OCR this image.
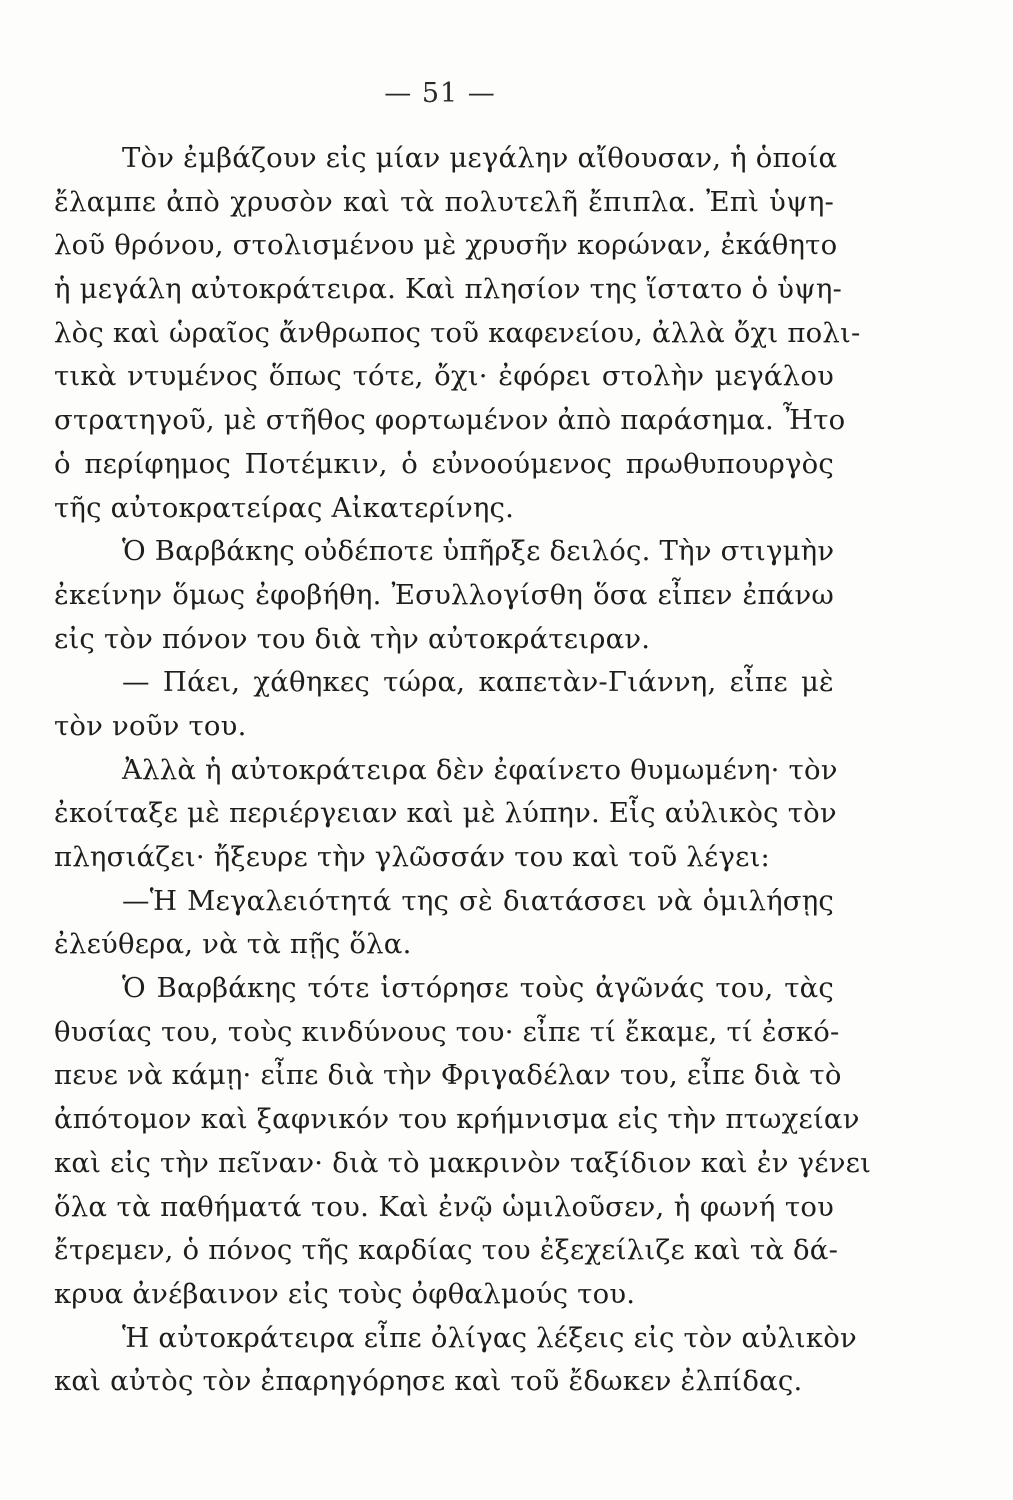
— 51 —
Τὸν ἐμβάζουν εἰς μίαν μεγάλην αἴθουσαν, ἡ ὁποία
ἔλαμπε ἀπὸ χρυσὸν καὶ τὰ πολυτελῆ ἔπιπλα. Ἐπὶ ὑψη-
λοῦ θρόνου, στολισμένου μὲ χρυσῆν κορώναν, ἐκάθητο
ἡ μεγάλη αὐτοκράτειρα. Καὶ πλησίον της ἵστατο ὁ ὑψη-
λὸς καὶ ὡραῖος ἄνθρωπος τοῦ καφενείου, ἀλλὰ ὄχι πολι-
τικὰ ντυμένος ὅπως τότε, ὄχι· ἐφόρει στολὴν μεγάλου
στρατηγοῦ, μὲ στῆθος φορτωμένον ἀπὸ παράσημα. Ἦτο
ὁ περίφημος Ποτέμκιν, ὁ εὐνοούμενος πρωθυπουργὸς
τῆς αὐτοκρατείρας Αἰκατερίνης.
Ὁ Βαρβάκης οὐδέποτε ὑπῆρξε δειλός. Τὴν στιγμὴν
ἐκείνην ὅμως ἐφοβήθη. Ἐσυλλογίσθη ὅσα εἶπεν ἐπάνω
εἰς τὸν πόνον του διὰ τὴν αὐτοκράτειραν.
— Πάει, χάθηκες τώρα, καπετὰν-Γιάννη, εἶπε μὲ
τὸν νοῦν του.
Ἀλλὰ ἡ αὐτοκράτειρα δὲν ἐφαίνετο θυμωμένη· τὸν
ἐκοίταξε μὲ περιέργειαν καὶ μὲ λύπην. Εἷς αὐλικὸς τὸν
πλησιάζει· ἤξευρε τὴν γλῶσσάν του καὶ τοῦ λέγει:
—Ἡ Μεγαλειότητά της σὲ διατάσσει νὰ ὁμιλήσῃς
ἐλεύθερα, νὰ τὰ πῇς ὅλα.
Ὁ Βαρβάκης τότε ἱστόρησε τοὺς ἀγῶνάς του, τὰς
θυσίας του, τοὺς κινδύνους του· εἶπε τί ἔκαμε, τί ἐσκό-
πευε νὰ κάμῃ· εἶπε διὰ τὴν Φριγαδέλαν του, εἶπε διὰ τὸ
ἀπότομον καὶ ξαφνικόν του κρήμνισμα εἰς τὴν πτωχείαν
καὶ εἰς τὴν πεῖναν· διὰ τὸ μακρινὸν ταξίδιον καὶ ἐν γένει
ὅλα τὰ παθήματά του. Καὶ ἐνῷ ὡμιλοῦσεν, ἡ φωνή του
ἔτρεμεν, ὁ πόνος τῆς καρδίας του ἐξεχείλιζε καὶ τὰ δά-
κρυα ἀνέβαινον εἰς τοὺς ὀφθαλμούς του.
Ἡ αὐτοκράτειρα εἶπε ὀλίγας λέξεις εἰς τὸν αὐλικὸν
καὶ αὐτὸς τὸν ἐπαρηγόρησε καὶ τοῦ ἔδωκεν ἐλπίδας.
